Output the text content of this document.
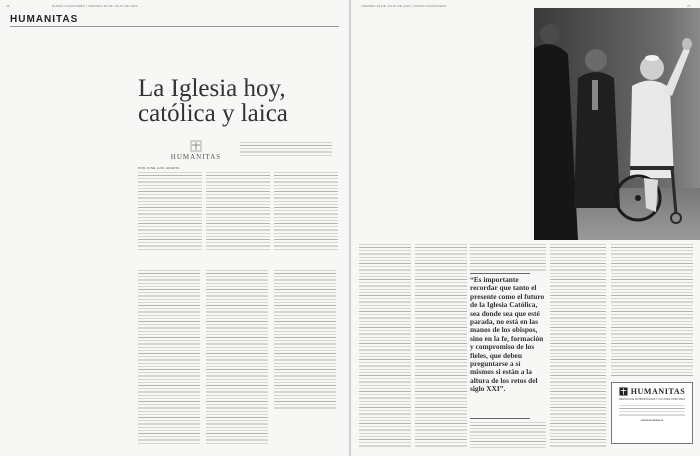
46	DIARIO FINANCIERO | VIERNES 29 DE JULIO DE 2022
HUMANITAS
La Iglesia hoy,
católica y laica
HUMANITAS
POR JOSÉ LUIS HUERTA
VIERNES 29 DE JULIO DE 2022 | DIARIO FINANCIERO	47
“Es importante recordar que tanto el presente como el futuro de la Iglesia Católica, sea donde sea que esté parada, no está en las manos de los obispos, sino en la fe, formación y compromiso de los fieles, que deben preguntarse a sí mismos si están a la altura de los retos del siglo XXI”.	HUMANITAS
REVISTA DE ANTROPOLOGÍA Y CULTURA CRISTIANA
www.humanitas.cl
